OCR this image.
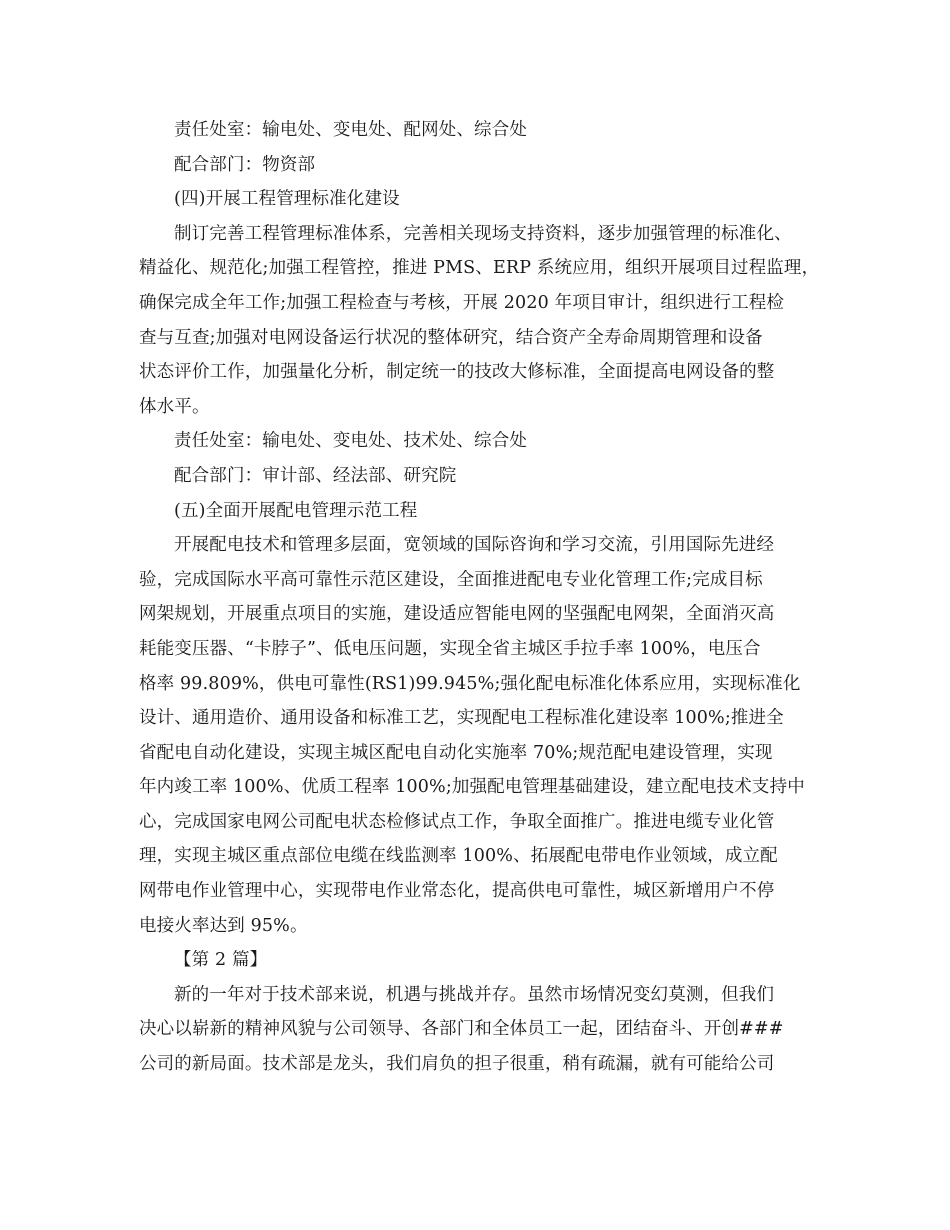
责任处室：输电处、变电处、配网处、综合处
配合部门：物资部
(四)开展工程管理标准化建设
制订完善工程管理标准体系，完善相关现场支持资料，逐步加强管理的标准化、
精益化、规范化;加强工程管控，推进 PMS、ERP 系统应用，组织开展项目过程监理，
确保完成全年工作;加强工程检查与考核，开展 2020 年项目审计，组织进行工程检
查与互查;加强对电网设备运行状况的整体研究，结合资产全寿命周期管理和设备
状态评价工作，加强量化分析，制定统一的技改大修标准，全面提高电网设备的整
体水平。
责任处室：输电处、变电处、技术处、综合处
配合部门：审计部、经法部、研究院
(五)全面开展配电管理示范工程
开展配电技术和管理多层面，宽领域的国际咨询和学习交流，引用国际先进经
验，完成国际水平高可靠性示范区建设，全面推进配电专业化管理工作;完成目标
网架规划，开展重点项目的实施，建设适应智能电网的坚强配电网架，全面消灭高
耗能变压器、“卡脖子”、低电压问题，实现全省主城区手拉手率 100%，电压合
格率 99.809%，供电可靠性(RS1)99.945%;强化配电标准化体系应用，实现标准化
设计、通用造价、通用设备和标准工艺，实现配电工程标准化建设率 100%;推进全
省配电自动化建设，实现主城区配电自动化实施率 70%;规范配电建设管理，实现
年内竣工率 100%、优质工程率 100%;加强配电管理基础建设，建立配电技术支持中
心，完成国家电网公司配电状态检修试点工作，争取全面推广。推进电缆专业化管
理，实现主城区重点部位电缆在线监测率 100%、拓展配电带电作业领域，成立配
网带电作业管理中心，实现带电作业常态化，提高供电可靠性，城区新增用户不停
电接火率达到 95%。
【第 2 篇】
新的一年对于技术部来说，机遇与挑战并存。虽然市场情况变幻莫测，但我们
决心以崭新的精神风貌与公司领导、各部门和全体员工一起，团结奋斗、开创###
公司的新局面。技术部是龙头，我们肩负的担子很重，稍有疏漏，就有可能给公司
